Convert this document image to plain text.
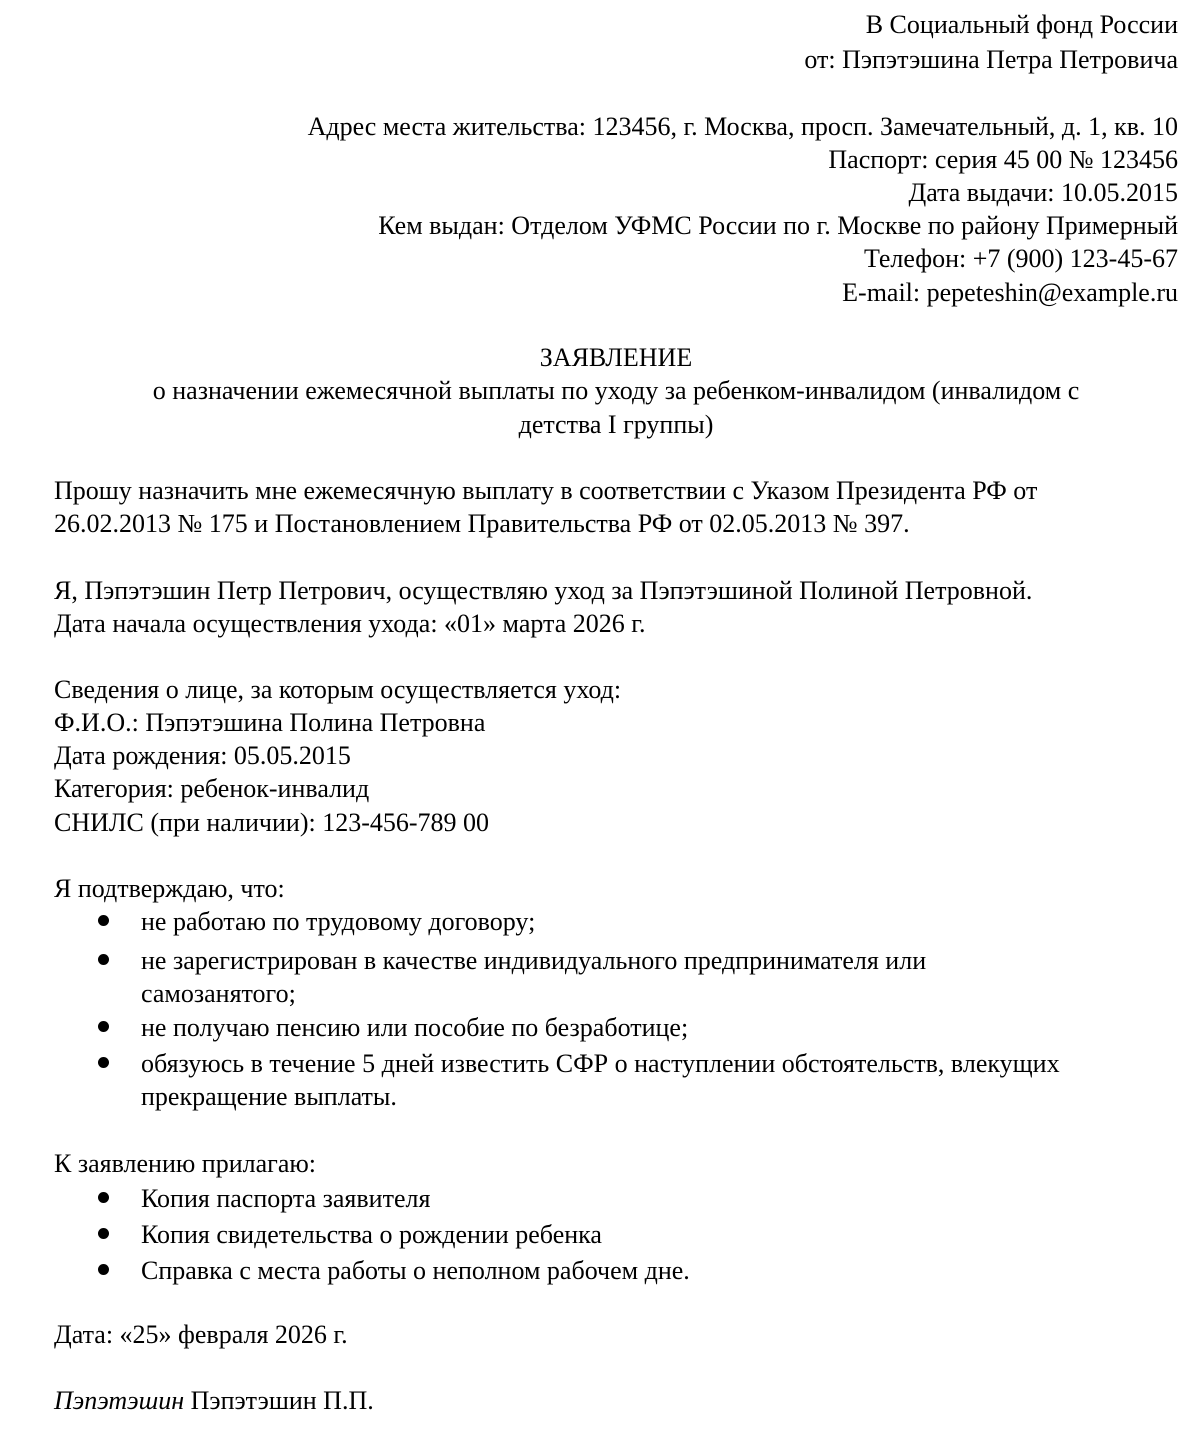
В Социальный фонд России
от: Пэпэтэшина Петра Петровича
Адрес места жительства: 123456, г. Москва, просп. Замечательный, д. 1, кв. 10
Паспорт: серия 45 00 № 123456
Дата выдачи: 10.05.2015
Кем выдан: Отделом УФМС России по г. Москве по району Примерный
Телефон: +7 (900) 123-45-67
E-mail: pepeteshin@example.ru
ЗАЯВЛЕНИЕ
о назначении ежемесячной выплаты по уходу за ребенком-инвалидом (инвалидом с
детства I группы)
Прошу назначить мне ежемесячную выплату в соответствии с Указом Президента РФ от
26.02.2013 № 175 и Постановлением Правительства РФ от 02.05.2013 № 397.
Я, Пэпэтэшин Петр Петрович, осуществляю уход за Пэпэтэшиной Полиной Петровной.
Дата начала осуществления ухода: «01» марта 2026 г.
Сведения о лице, за которым осуществляется уход:
Ф.И.О.: Пэпэтэшина Полина Петровна
Дата рождения: 05.05.2015
Категория: ребенок-инвалид
СНИЛС (при наличии): 123-456-789 00
Я подтверждаю, что:
не работаю по трудовому договору;
не зарегистрирован в качестве индивидуального предпринимателя или
самозанятого;
не получаю пенсию или пособие по безработице;
обязуюсь в течение 5 дней известить СФР о наступлении обстоятельств, влекущих
прекращение выплаты.
К заявлению прилагаю:
Копия паспорта заявителя
Копия свидетельства о рождении ребенка
Справка с места работы о неполном рабочем дне.
Дата: «25» февраля 2026 г.
Пэпэтэшин Пэпэтэшин П.П.
